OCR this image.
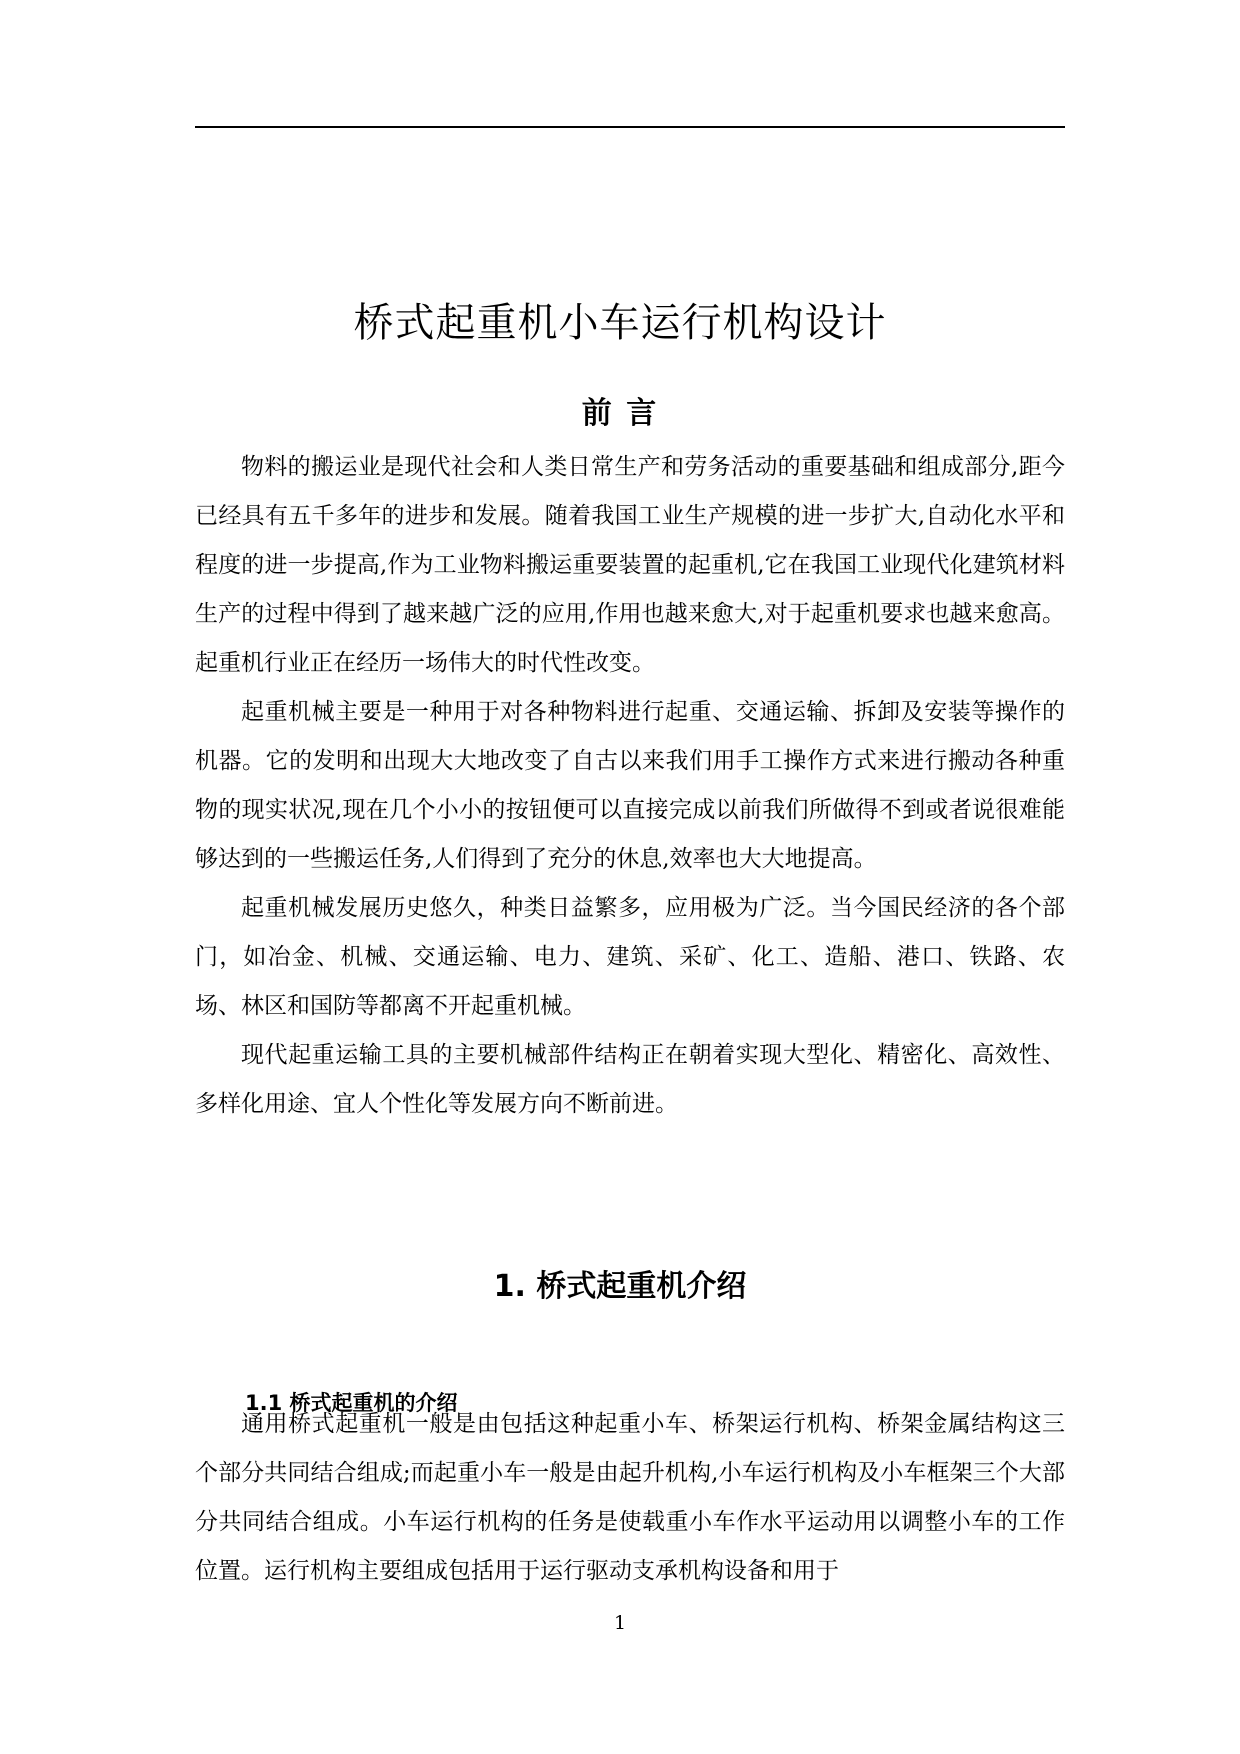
桥式起重机小车运行机构设计
前 言

物料的搬运业是现代社会和人类日常生产和劳务活动的重要基础和组成部分,距今已经具有五千多年的进步和发展。随着我国工业生产规模的进一步扩大,自动化水平和程度的进一步提高,作为工业物料搬运重要装置的起重机,它在我国工业现代化建筑材料生产的过程中得到了越来越广泛的应用,作用也越来愈大,对于起重机要求也越来愈高。起重机行业正在经历一场伟大的时代性改变。

起重机械主要是一种用于对各种物料进行起重、交通运输、拆卸及安装等操作的机器。它的发明和出现大大地改变了自古以来我们用手工操作方式来进行搬动各种重物的现实状况,现在几个小小的按钮便可以直接完成以前我们所做得不到或者说很难能够达到的一些搬运任务,人们得到了充分的休息,效率也大大地提高。

起重机械发展历史悠久，种类日益繁多，应用极为广泛。当今国民经济的各个部门，如冶金、机械、交通运输、电力、建筑、采矿、化工、造船、港口、铁路、农场、林区和国防等都离不开起重机械。

现代起重运输工具的主要机械部件结构正在朝着实现大型化、精密化、高效性、多样化用途、宜人个性化等发展方向不断前进。

1. 桥式起重机介绍
1.1 桥式起重机的介绍

通用桥式起重机一般是由包括这种起重小车、桥架运行机构、桥架金属结构这三个部分共同结合组成;而起重小车一般是由起升机构,小车运行机构及小车框架三个大部分共同结合组成。小车运行机构的任务是使载重小车作水平运动用以调整小车的工作位置。运行机构主要组成包括用于运行驱动支承机构设备和用于

1
